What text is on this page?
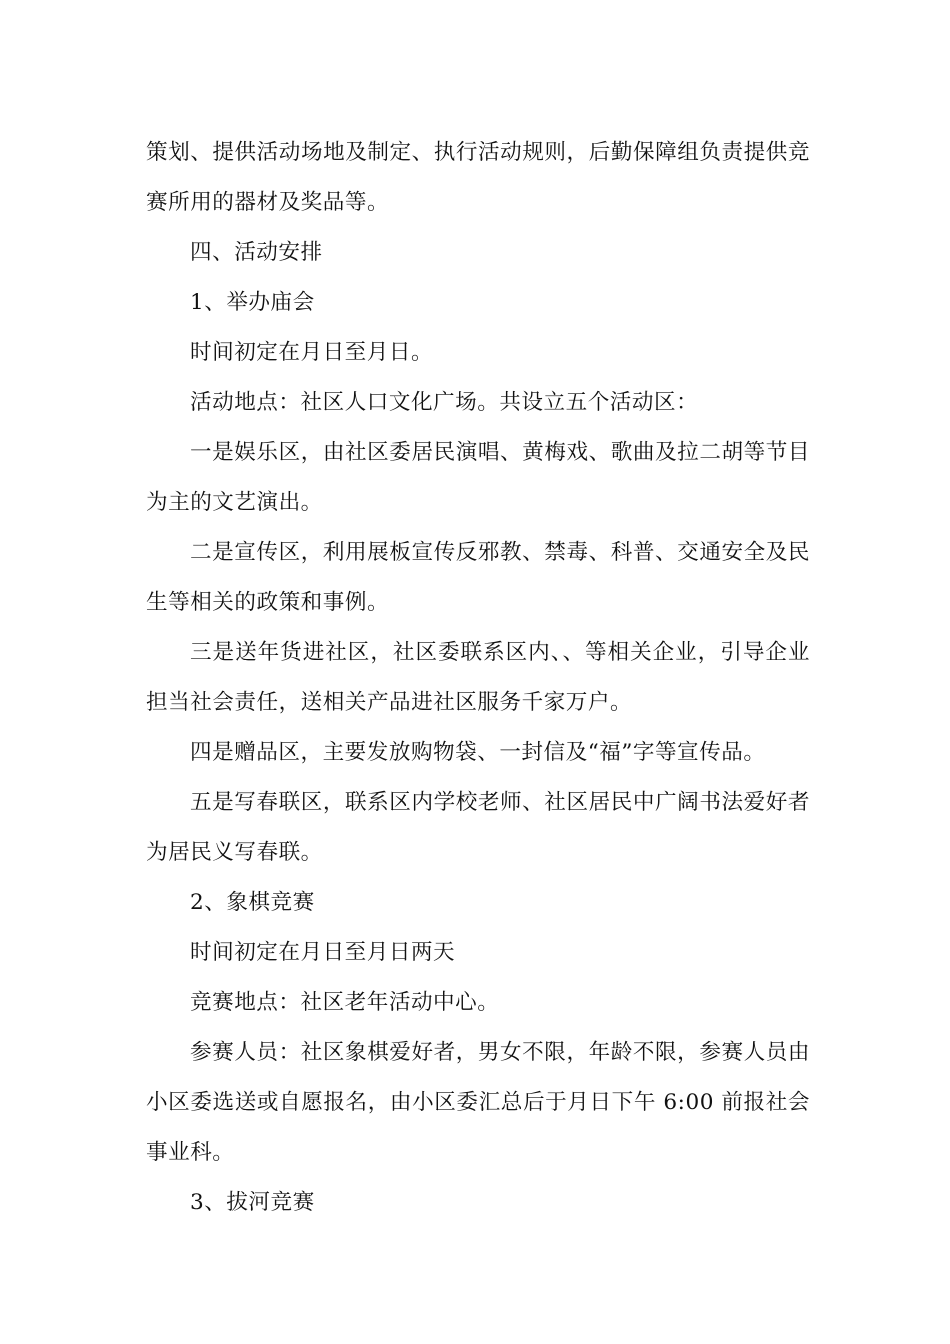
策划、提供活动场地及制定、执行活动规则，后勤保障组负责提供竞赛所用的器材及奖品等。

四、活动安排

1、举办庙会

时间初定在月日至月日。

活动地点：社区人口文化广场。共设立五个活动区：

一是娱乐区，由社区委居民演唱、黄梅戏、歌曲及拉二胡等节目为主的文艺演出。

二是宣传区，利用展板宣传反邪教、禁毒、科普、交通安全及民生等相关的政策和事例。

三是送年货进社区，社区委联系区内、、等相关企业，引导企业担当社会责任，送相关产品进社区服务千家万户。

四是赠品区，主要发放购物袋、一封信及“福”字等宣传品。

五是写春联区，联系区内学校老师、社区居民中广阔书法爱好者为居民义写春联。

2、象棋竞赛

时间初定在月日至月日两天

竞赛地点：社区老年活动中心。

参赛人员：社区象棋爱好者，男女不限，年龄不限，参赛人员由小区委选送或自愿报名，由小区委汇总后于月日下午 6:00 前报社会事业科。

3、拔河竞赛
